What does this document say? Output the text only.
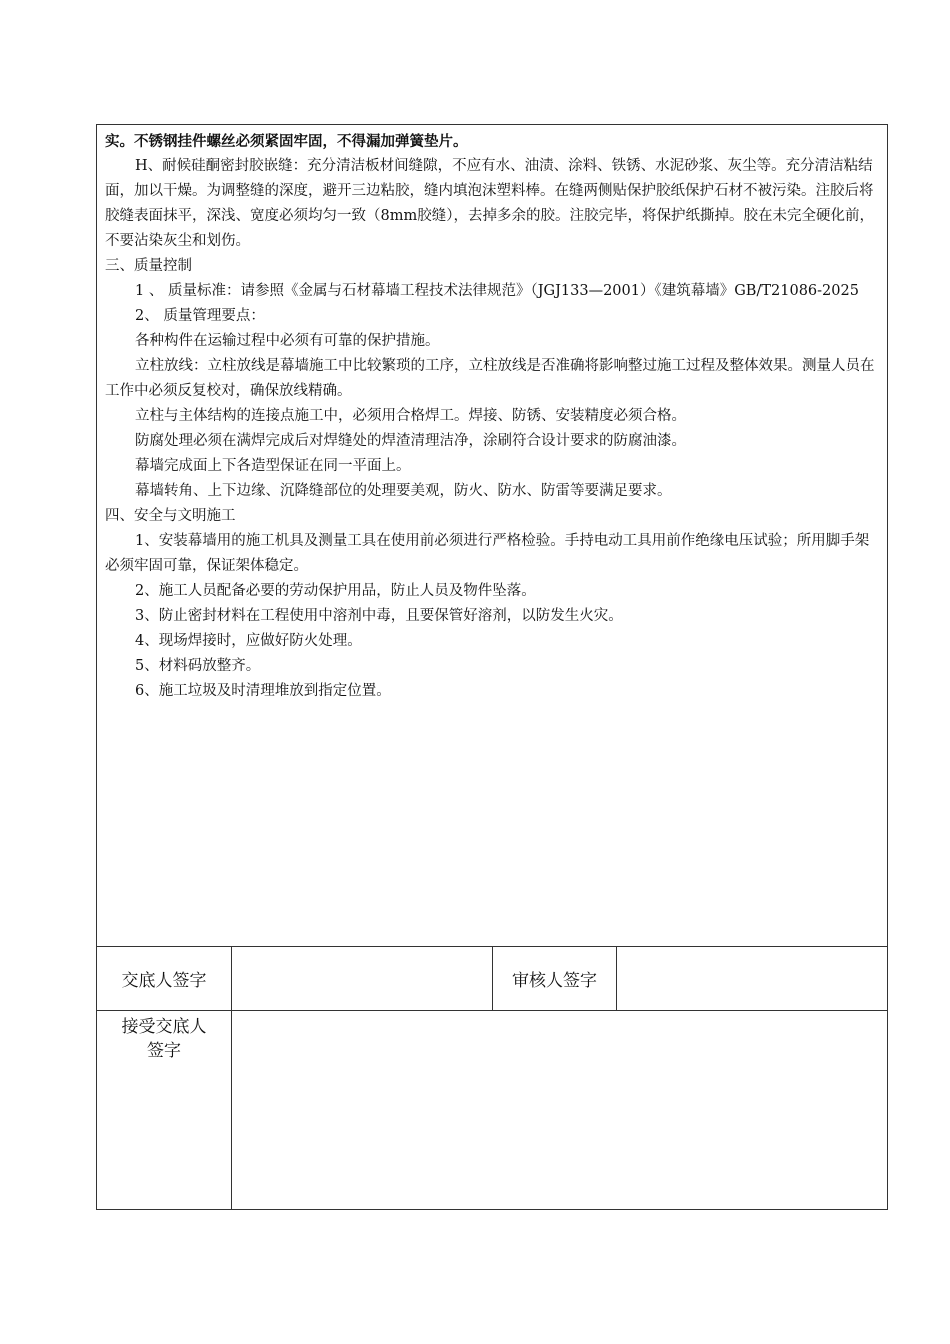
实。不锈钢挂件螺丝必须紧固牢固，不得漏加弹簧垫片。

H、耐候硅酮密封胶嵌缝：充分清洁板材间缝隙，不应有水、油渍、涂料、铁锈、水泥砂浆、灰尘等。充分清洁粘结面，加以干燥。为调整缝的深度，避开三边粘胶，缝内填泡沫塑料棒。在缝两侧贴保护胶纸保护石材不被污染。注胶后将胶缝表面抹平，深浅、宽度必须均匀一致（8mm胶缝），去掉多余的胶。注胶完毕，将保护纸撕掉。胶在未完全硬化前，不要沾染灰尘和划伤。

三、质量控制

1 、 质量标准：请参照《金属与石材幕墙工程技术法律规范》（JGJ133—2001）《建筑幕墙》GB/T21086-2025

2、 质量管理要点：

各种构件在运输过程中必须有可靠的保护措施。

立柱放线：立柱放线是幕墙施工中比较繁琐的工序，立柱放线是否准确将影响整过施工过程及整体效果。测量人员在工作中必须反复校对，确保放线精确。

立柱与主体结构的连接点施工中，必须用合格焊工。焊接、防锈、安装精度必须合格。

防腐处理必须在满焊完成后对焊缝处的焊渣清理洁净，涂刷符合设计要求的防腐油漆。

幕墙完成面上下各造型保证在同一平面上。

幕墙转角、上下边缘、沉降缝部位的处理要美观，防火、防水、防雷等要满足要求。

四、安全与文明施工

1、安装幕墙用的施工机具及测量工具在使用前必须进行严格检验。手持电动工具用前作绝缘电压试验；所用脚手架必须牢固可靠，保证架体稳定。

2、施工人员配备必要的劳动保护用品，防止人员及物件坠落。

3、防止密封材料在工程使用中溶剂中毒，且要保管好溶剂，以防发生火灾。

4、现场焊接时，应做好防火处理。

5、材料码放整齐。

6、施工垃圾及时清理堆放到指定位置。

交底人签字	审核人签字
接受交底人
签字
